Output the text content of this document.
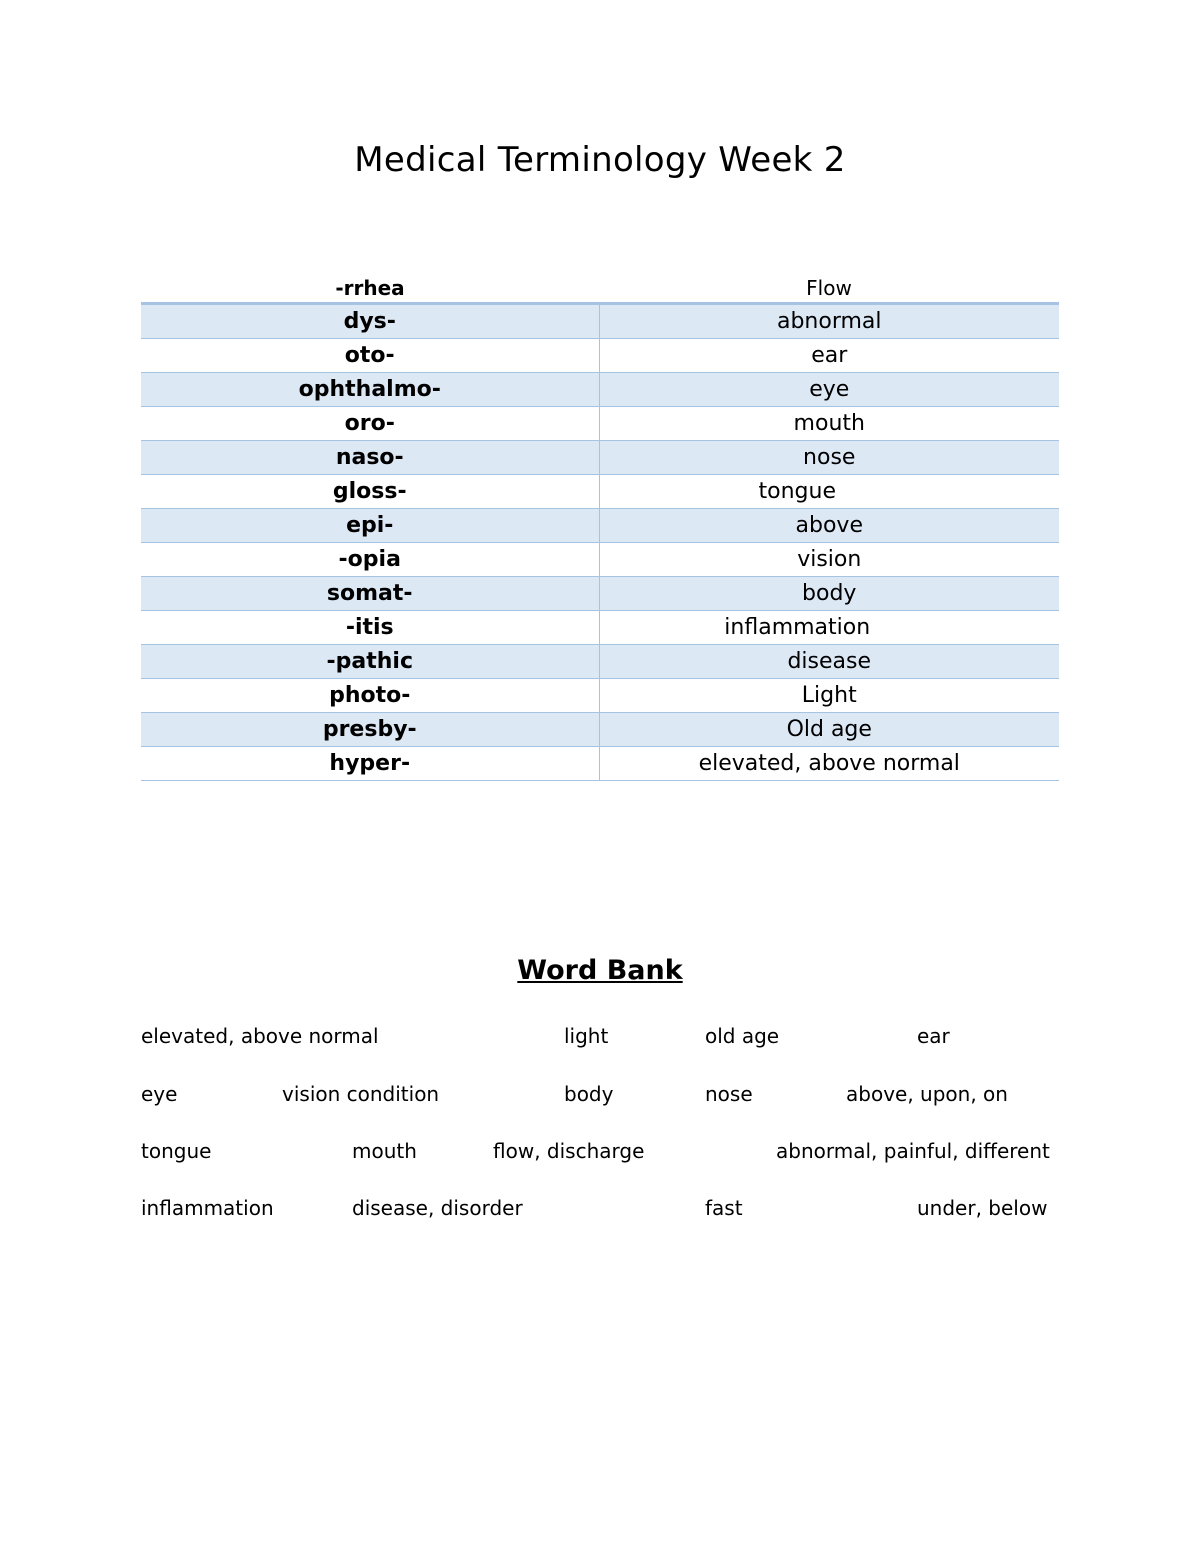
Medical Terminology Week 2
-rrhea	Flow
dys-	abnormal
oto-	ear
ophthalmo-	eye
oro-	mouth
naso-	nose
gloss-	tongue
epi-	above
-opia	vision
somat-	body
-itis	inflammation
-pathic	disease
photo-	Light
presby-	Old age
hyper-	elevated, above normal
Word Bank
elevated, above normal	light	old age	ear
eye	vision condition	body	nose	above, upon, on
tongue	mouth	flow, discharge	abnormal, painful, different
inflammation	disease, disorder	fast	under, below
